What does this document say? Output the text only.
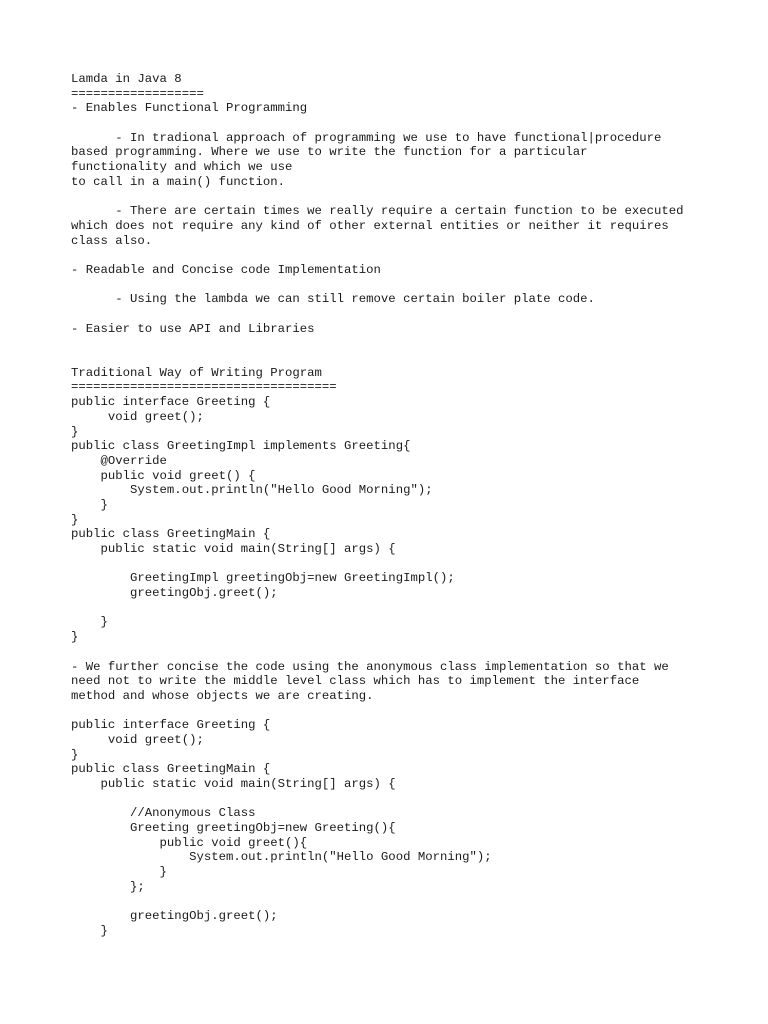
Lamda in Java 8
==================
- Enables Functional Programming
- In tradional approach of programming we use to have functional|procedure
based programming. Where we use to write the function for a particular
functionality and which we use
to call in a main() function.
- There are certain times we really require a certain function to be executed
which does not require any kind of other external entities or neither it requires
class also.
- Readable and Concise code Implementation
- Using the lambda we can still remove certain boiler plate code.
- Easier to use API and Libraries
Traditional Way of Writing Program
====================================
public interface Greeting {
void greet();
}
public class GreetingImpl implements Greeting{
@Override
public void greet() {
System.out.println("Hello Good Morning");
}
}
public class GreetingMain {
public static void main(String[] args) {
GreetingImpl greetingObj=new GreetingImpl();
greetingObj.greet();
}
}
- We further concise the code using the anonymous class implementation so that we
need not to write the middle level class which has to implement the interface
method and whose objects we are creating.
public interface Greeting {
void greet();
}
public class GreetingMain {
public static void main(String[] args) {
//Anonymous Class
Greeting greetingObj=new Greeting(){
public void greet(){
System.out.println("Hello Good Morning");
}
};
greetingObj.greet();
}
